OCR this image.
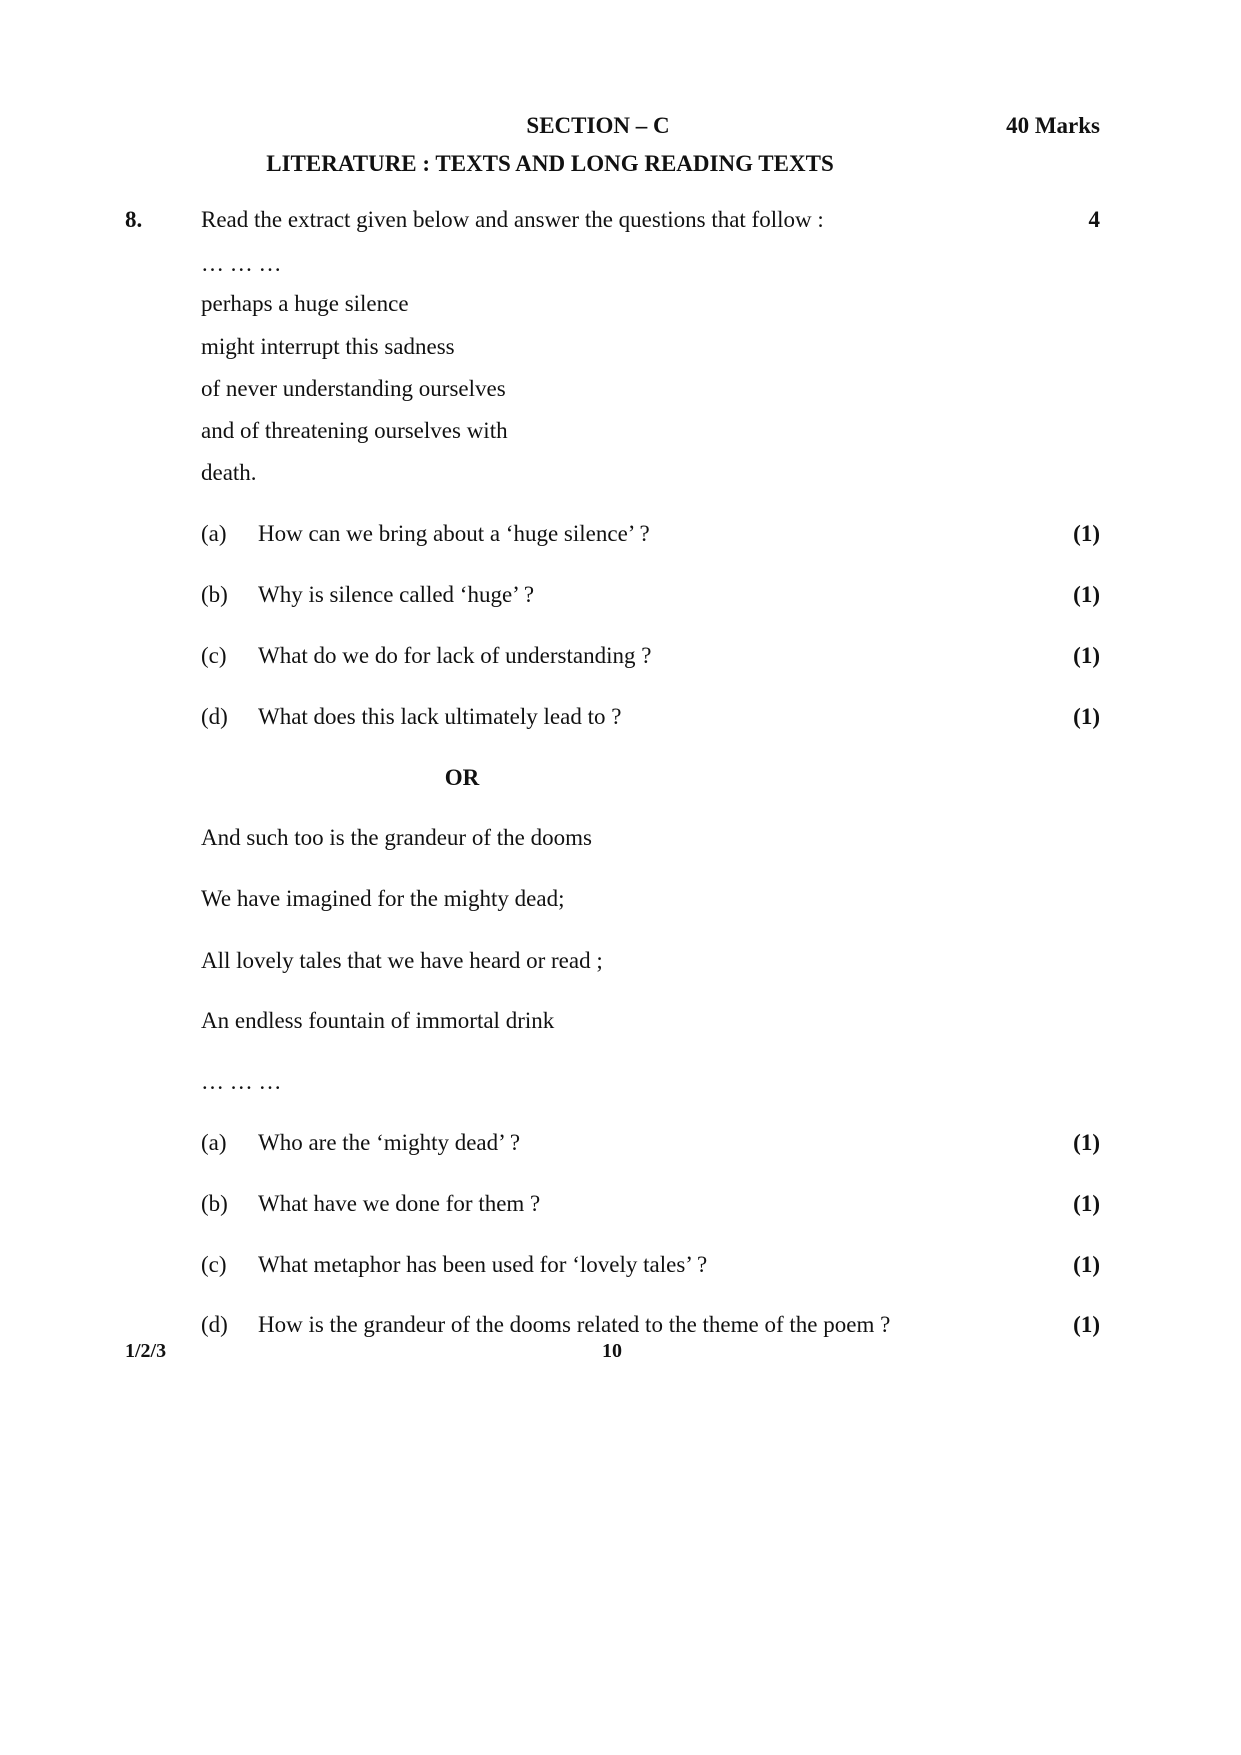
SECTION – C	40 Marks
LITERATURE : TEXTS AND LONG READING TEXTS
8.	Read the extract given below and answer the questions that follow :	4
… … …
perhaps a huge silence
might interrupt this sadness
of never understanding ourselves
and of threatening ourselves with
death.
(a) How can we bring about a ‘huge silence’ ?	(1)
(b) Why is silence called ‘huge’ ?	(1)
(c) What do we do for lack of understanding ?	(1)
(d) What does this lack ultimately lead to ?	(1)
OR
And such too is the grandeur of the dooms
We have imagined for the mighty dead;
All lovely tales that we have heard or read ;
An endless fountain of immortal drink
… … …
(a) Who are the ‘mighty dead’ ?	(1)
(b) What have we done for them ?	(1)
(c) What metaphor has been used for ‘lovely tales’ ?	(1)
(d) How is the grandeur of the dooms related to the theme of the poem ?	(1)
1/2/3	10
